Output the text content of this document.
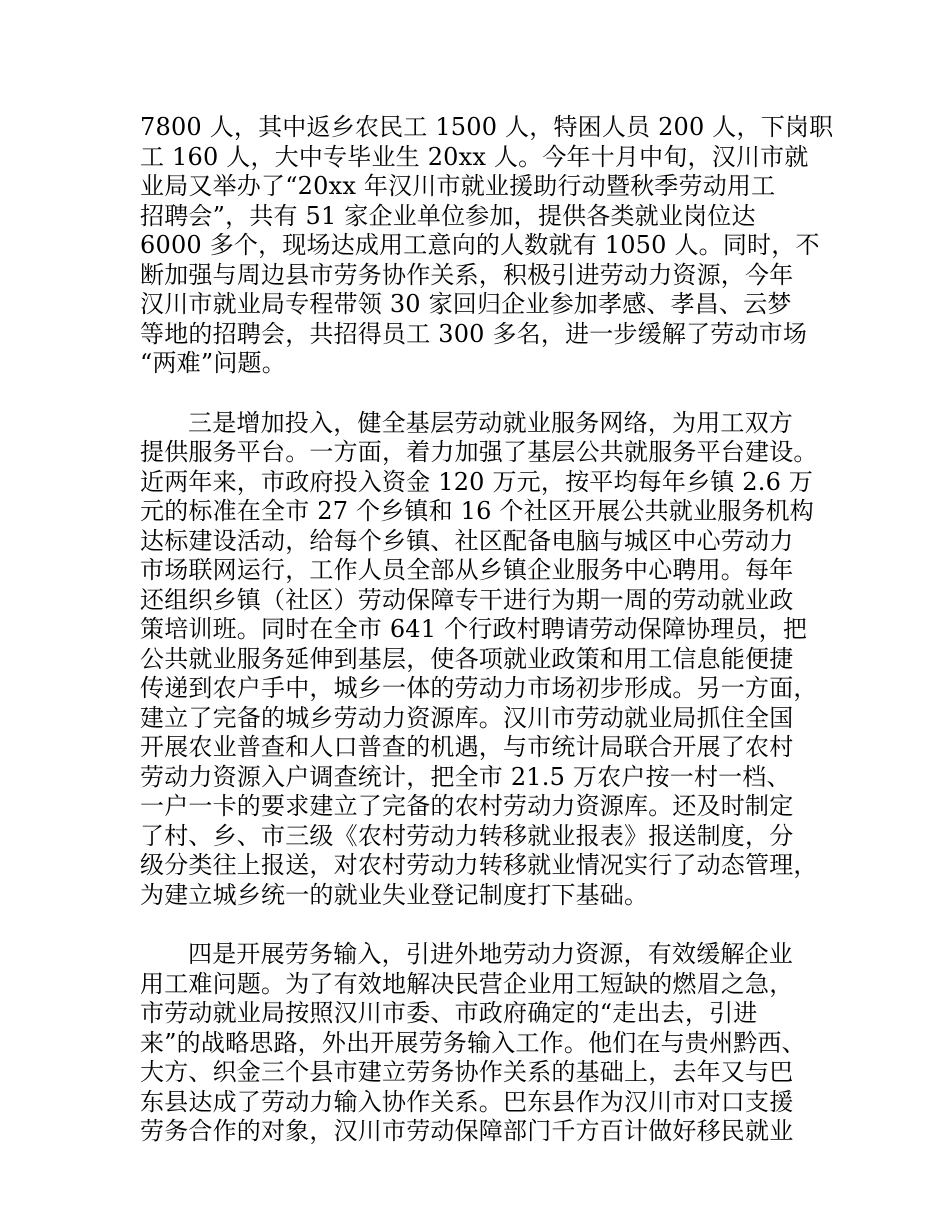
7800 人，其中返乡农民工 1500 人，特困人员 200 人，下岗职
工 160 人，大中专毕业生 20xx 人。今年十月中旬，汉川市就
业局又举办了“20xx 年汉川市就业援助行动暨秋季劳动用工
招聘会”，共有 51 家企业单位参加，提供各类就业岗位达
6000 多个，现场达成用工意向的人数就有 1050 人。同时，不
断加强与周边县市劳务协作关系，积极引进劳动力资源，今年
汉川市就业局专程带领 30 家回归企业参加孝感、孝昌、云梦
等地的招聘会，共招得员工 300 多名，进一步缓解了劳动市场
“两难”问题。
三是增加投入，健全基层劳动就业服务网络，为用工双方
提供服务平台。一方面，着力加强了基层公共就服务平台建设。
近两年来，市政府投入资金 120 万元，按平均每年乡镇 2.6 万
元的标准在全市 27 个乡镇和 16 个社区开展公共就业服务机构
达标建设活动，给每个乡镇、社区配备电脑与城区中心劳动力
市场联网运行，工作人员全部从乡镇企业服务中心聘用。每年
还组织乡镇（社区）劳动保障专干进行为期一周的劳动就业政
策培训班。同时在全市 641 个行政村聘请劳动保障协理员，把
公共就业服务延伸到基层，使各项就业政策和用工信息能便捷
传递到农户手中，城乡一体的劳动力市场初步形成。另一方面，
建立了完备的城乡劳动力资源库。汉川市劳动就业局抓住全国
开展农业普查和人口普查的机遇，与市统计局联合开展了农村
劳动力资源入户调查统计，把全市 21.5 万农户按一村一档、
一户一卡的要求建立了完备的农村劳动力资源库。还及时制定
了村、乡、市三级《农村劳动力转移就业报表》报送制度，分
级分类往上报送，对农村劳动力转移就业情况实行了动态管理，
为建立城乡统一的就业失业登记制度打下基础。
四是开展劳务输入，引进外地劳动力资源，有效缓解企业
用工难问题。为了有效地解决民营企业用工短缺的燃眉之急，
市劳动就业局按照汉川市委、市政府确定的“走出去，引进
来”的战略思路，外出开展劳务输入工作。他们在与贵州黔西、
大方、织金三个县市建立劳务协作关系的基础上，去年又与巴
东县达成了劳动力输入协作关系。巴东县作为汉川市对口支援
劳务合作的对象，汉川市劳动保障部门千方百计做好移民就业
